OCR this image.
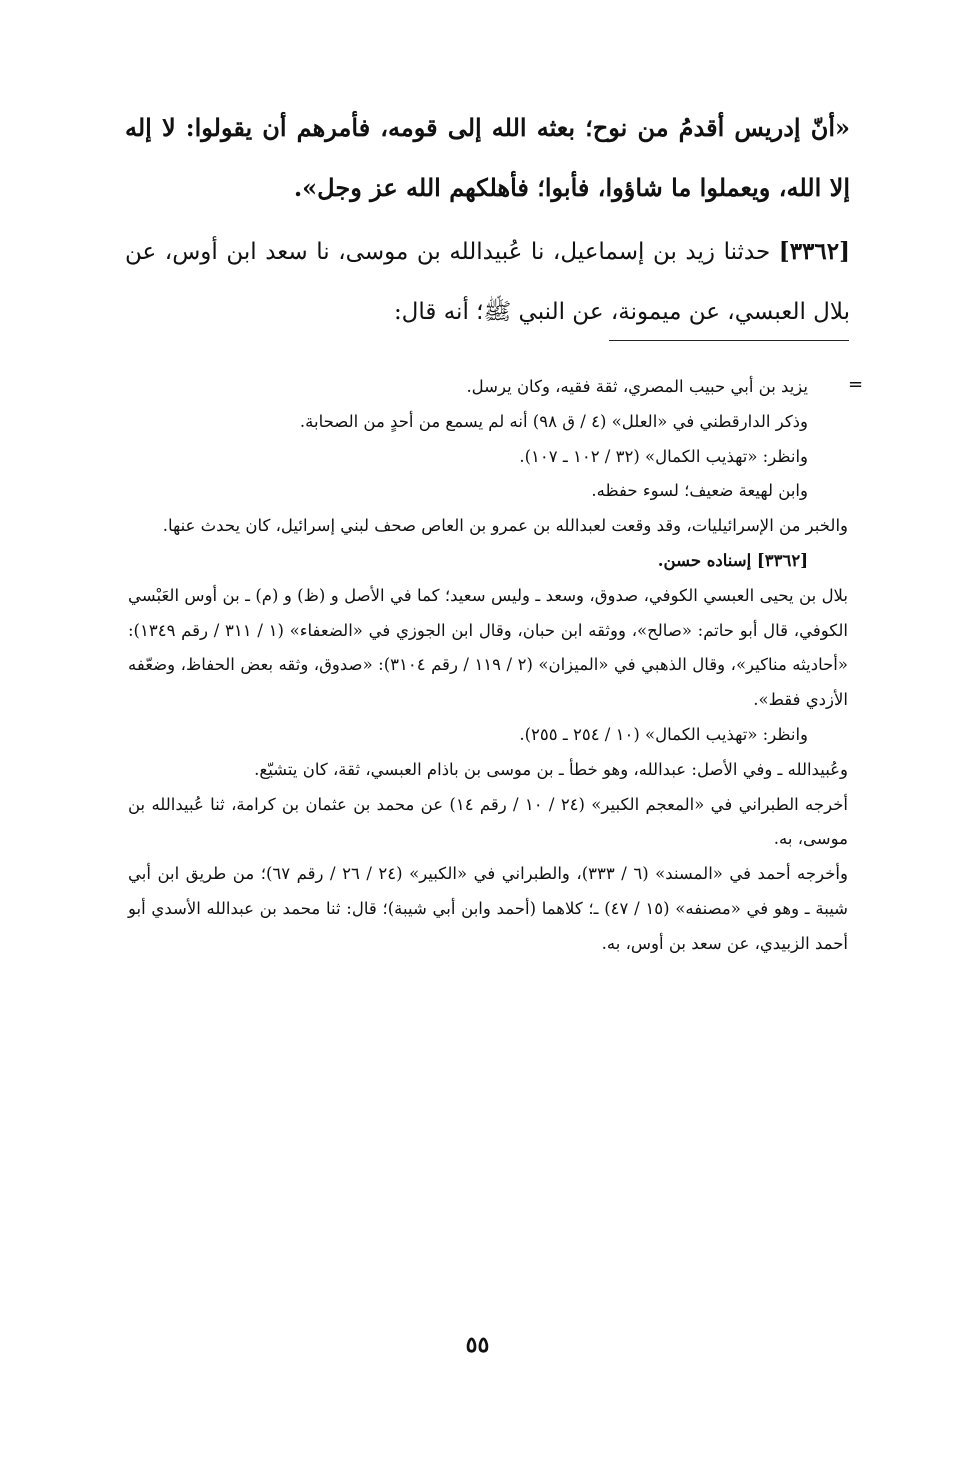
«أنّ إدريس أقدمُ من نوح؛ بعثه الله إلى قومه، فأمرهم أن يقولوا: لا إله إلا الله، ويعملوا ما شاؤوا، فأبوا؛ فأهلكهم الله عز وجل».
[٣٣٦٢] حدثنا زيد بن إسماعيل، نا عُبيدالله بن موسى، نا سعد ابن أوس، عن بلال العبسي، عن ميمونة، عن النبي ﷺ؛ أنه قال:
=

يزيد بن أبي حبيب المصري، ثقة فقيه، وكان يرسل.

وذكر الدارقطني في «العلل» (٤ / ق ٩٨) أنه لم يسمع من أحدٍ من الصحابة.

وانظر: «تهذيب الكمال» (٣٢ / ١٠٢ ـ ١٠٧).

وابن لهيعة ضعيف؛ لسوء حفظه.

والخبر من الإسرائيليات، وقد وقعت لعبدالله بن عمرو بن العاص صحف لبني إسرائيل، كان يحدث عنها.

[٣٣٦٢] إسناده حسن.

بلال بن يحيى العبسي الكوفي، صدوق، وسعد ـ وليس سعيد؛ كما في الأصل و (ظ) و (م) ـ بن أوس العَبْسي الكوفي، قال أبو حاتم: «صالح»، ووثقه ابن حبان، وقال ابن الجوزي في «الضعفاء» (١ / ٣١١ / رقم ١٣٤٩): «أحاديثه مناكير»، وقال الذهبي في «الميزان» (٢ / ١١٩ / رقم ٣١٠٤): «صدوق، وثقه بعض الحفاظ، وضعّفه الأزدي فقط».

وانظر: «تهذيب الكمال» (١٠ / ٢٥٤ ـ ٢٥٥).

وعُبيدالله ـ وفي الأصل: عبدالله، وهو خطأ ـ بن موسى بن باذام العبسي، ثقة، كان يتشيّع.

أخرجه الطبراني في «المعجم الكبير» (٢٤ / ١٠ / رقم ١٤) عن محمد بن عثمان بن كرامة، ثنا عُبيدالله بن موسى، به.

وأخرجه أحمد في «المسند» (٦ / ٣٣٣)، والطبراني في «الكبير» (٢٤ / ٢٦ / رقم ٦٧)؛ من طريق ابن أبي شيبة ـ وهو في «مصنفه» (١٥ / ٤٧) ـ؛ كلاهما (أحمد وابن أبي شيبة)؛ قال: ثنا محمد بن عبدالله الأسدي أبو أحمد الزبيدي، عن سعد بن أوس، به.

٥٥
